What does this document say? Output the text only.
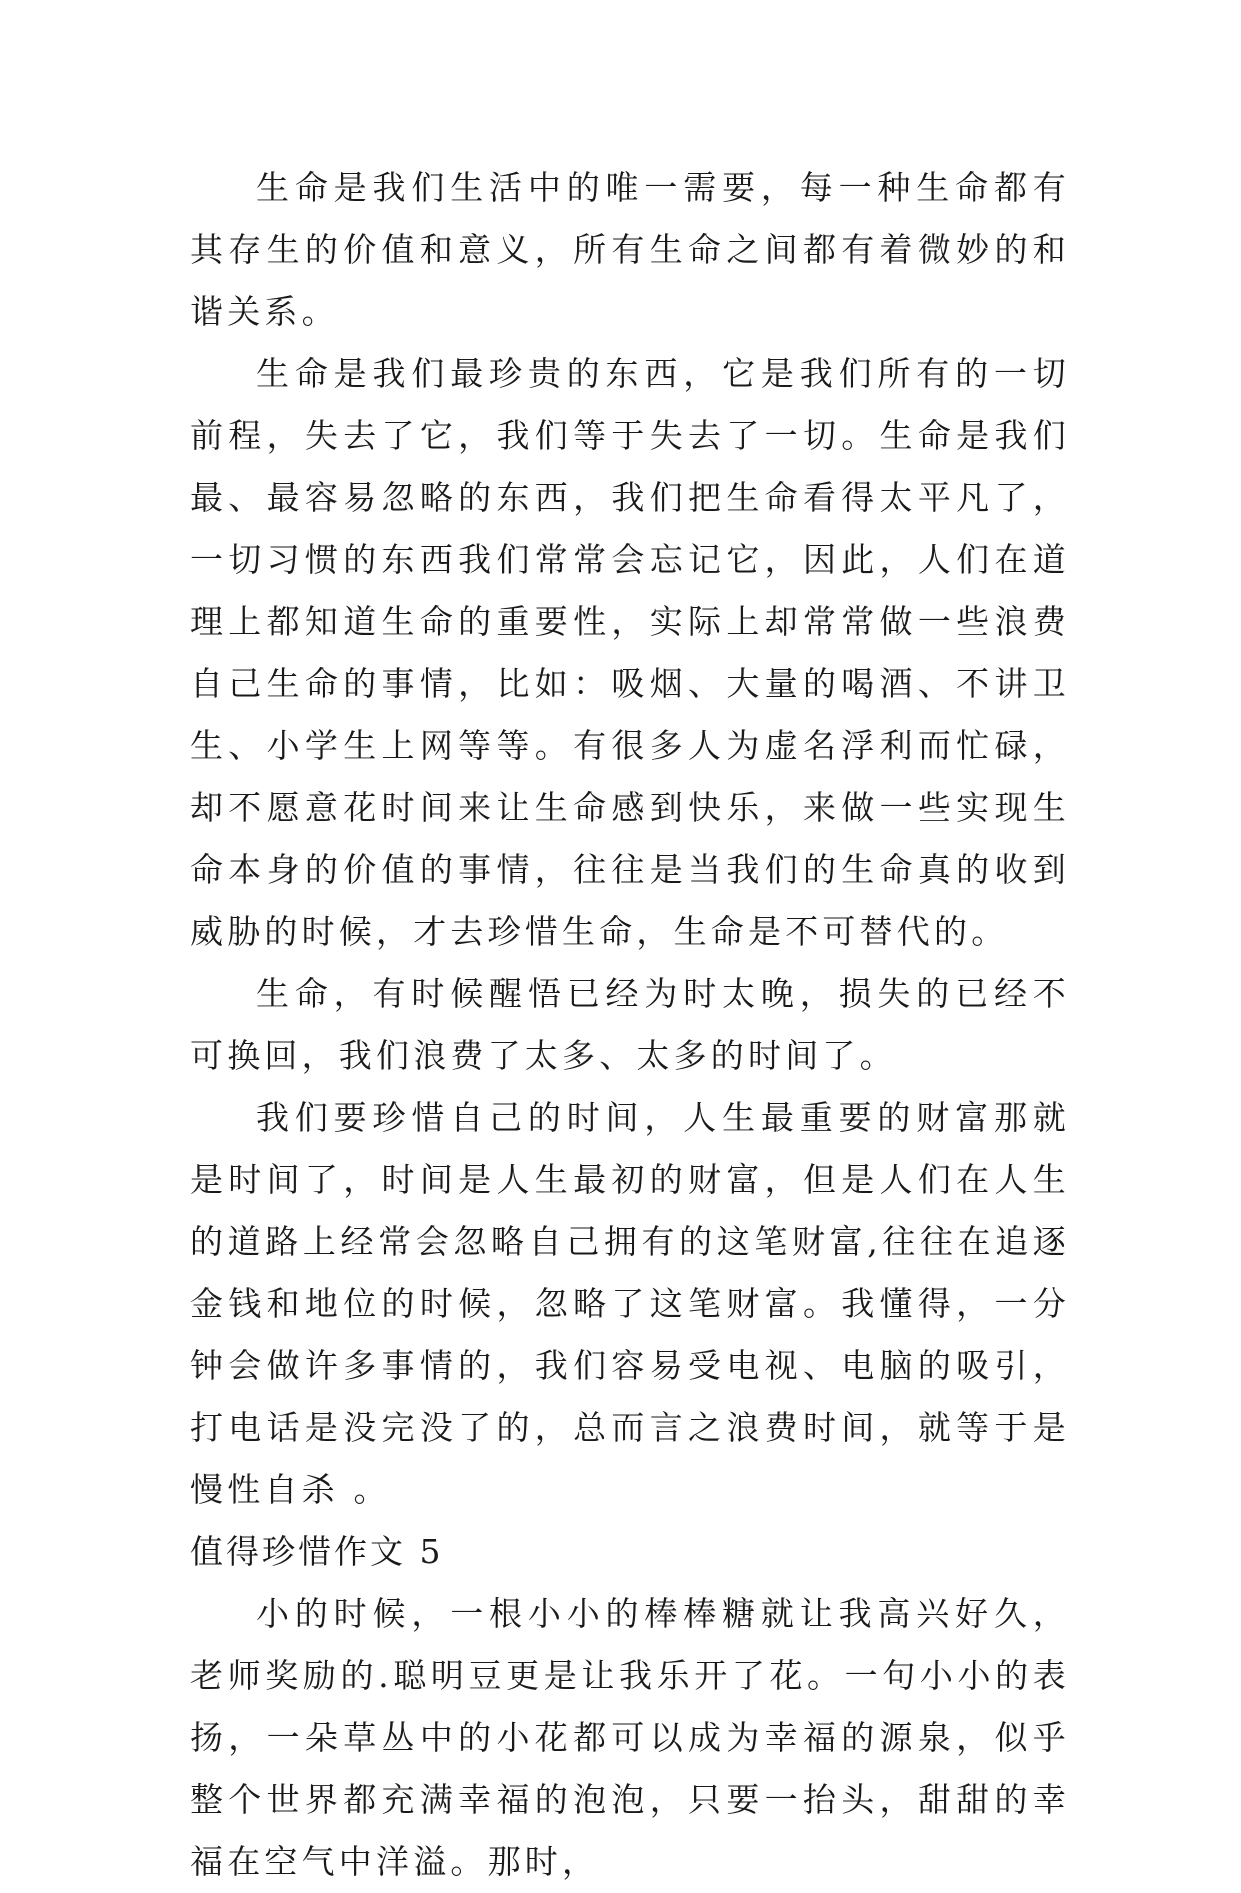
生命是我们生活中的唯一需要，每一种生命都有其存生的价值和意义，所有生命之间都有着微妙的和谐关系。

生命是我们最珍贵的东西，它是我们所有的一切前程，失去了它，我们等于失去了一切。生命是我们最、最容易忽略的东西，我们把生命看得太平凡了，一切习惯的东西我们常常会忘记它，因此，人们在道理上都知道生命的重要性，实际上却常常做一些浪费自己生命的事情，比如：吸烟、大量的喝酒、不讲卫生、小学生上网等等。有很多人为虚名浮利而忙碌，却不愿意花时间来让生命感到快乐，来做一些实现生命本身的价值的事情，往往是当我们的生命真的收到威胁的时候，才去珍惜生命，生命是不可替代的。

生命，有时候醒悟已经为时太晚，损失的已经不可换回，我们浪费了太多、太多的时间了。

我们要珍惜自己的时间，人生最重要的财富那就是时间了，时间是人生最初的财富，但是人们在人生的道路上经常会忽略自己拥有的这笔财富,往往在追逐金钱和地位的时候，忽略了这笔财富。我懂得，一分钟会做许多事情的，我们容易受电视、电脑的吸引，打电话是没完没了的，总而言之浪费时间，就等于是慢性自杀 。

值得珍惜作文 5

小的时候，一根小小的棒棒糖就让我高兴好久，老师奖励的.聪明豆更是让我乐开了花。一句小小的表扬，一朵草丛中的小花都可以成为幸福的源泉，似乎整个世界都充满幸福的泡泡，只要一抬头，甜甜的幸福在空气中洋溢。那时，
